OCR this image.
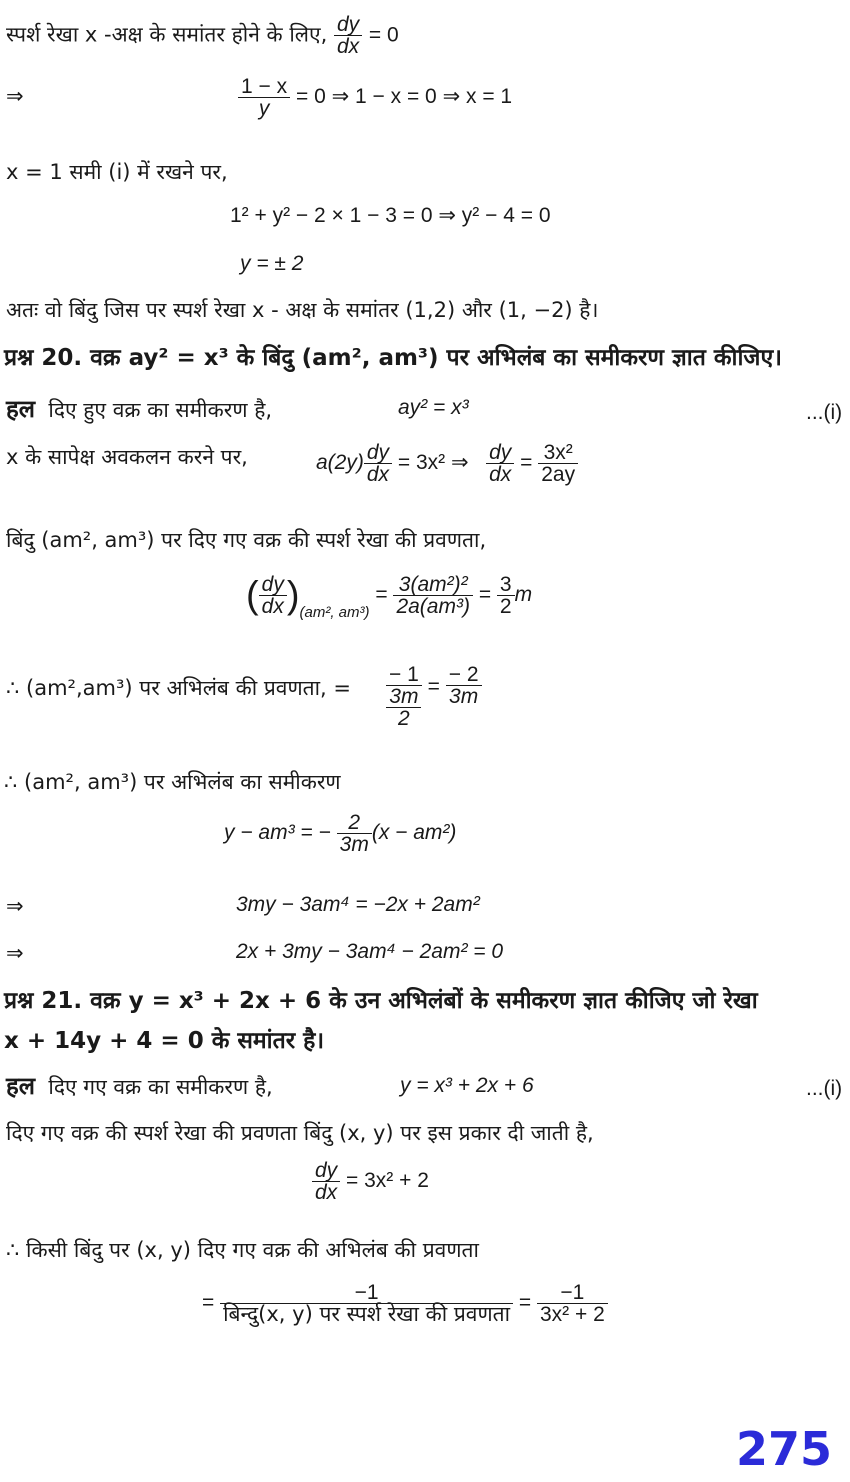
स्पर्श रेखा x -अक्ष के समांतर होने के लिए, $\frac{dy}{dx} = 0$
⇒	$\frac{1 - x}{y} = 0$ ⇒ 1 − x = 0 ⇒ x = 1
x = 1 समी (i) में रखने पर,
1² + y² − 2 × 1 − 3 = 0 ⇒ y² − 4 = 0
y = ± 2
अतः वो बिंदु जिस पर स्पर्श रेखा x - अक्ष के समांतर (1,2) और (1, −2) है।
प्रश्न 20. वक्र ay² = x³ के बिंदु (am², am³) पर अभिलंब का समीकरण ज्ञात कीजिए।
हल दिए हुए वक्र का समीकरण है,	ay² = x³	...(i)
x के सापेक्ष अवकलन करने पर,	$a(2y) \frac{dy}{dx} = 3x^2$ ⇒ $\frac{dy}{dx} = \frac{\text{3x²}}{2ay}$
बिंदु (am², am³) पर दिए गए वक्र की स्पर्श रेखा की प्रवणता,
( $\frac{dy}{dx} )_{(am^2, am^3)} = \frac{\text{3(am²)²}}{\text{2a(am³)}} = \frac{3}{2}$ m
∴ (am²,am³) पर अभिलंब की प्रवणता, = $\frac{- 1}{\frac{3m}{2}} = \frac{- 2}{3m}$
∴ (am², am³) पर अभिलंब का समीकरण
y − am³ = − $\frac{2}{3m} (x - am^2)$
⇒	3my − 3am⁴ = −2x + 2am²
⇒	2x + 3my − 3am⁴ − 2am² = 0
प्रश्न 21. वक्र y = x³ + 2x + 6 के उन अभिलंबों के समीकरण ज्ञात कीजिए जो रेखा
x + 14y + 4 = 0 के समांतर है।
हल दिए गए वक्र का समीकरण है,	y = x³ + 2x + 6	...(i)
दिए गए वक्र की स्पर्श रेखा की प्रवणता बिंदु (x, y) पर इस प्रकार दी जाती है,
$\frac{dy}{dx} = 3x^2 + 2$
∴ किसी बिंदु पर (x, y) दिए गए वक्र की अभिलंब की प्रवणता
= $\frac{-1}{\text{बिन्दु(x, y) पर स्पर्श रेखा की प्रवणता}} = \frac{-1}{\text{3x² + 2}}$
275
